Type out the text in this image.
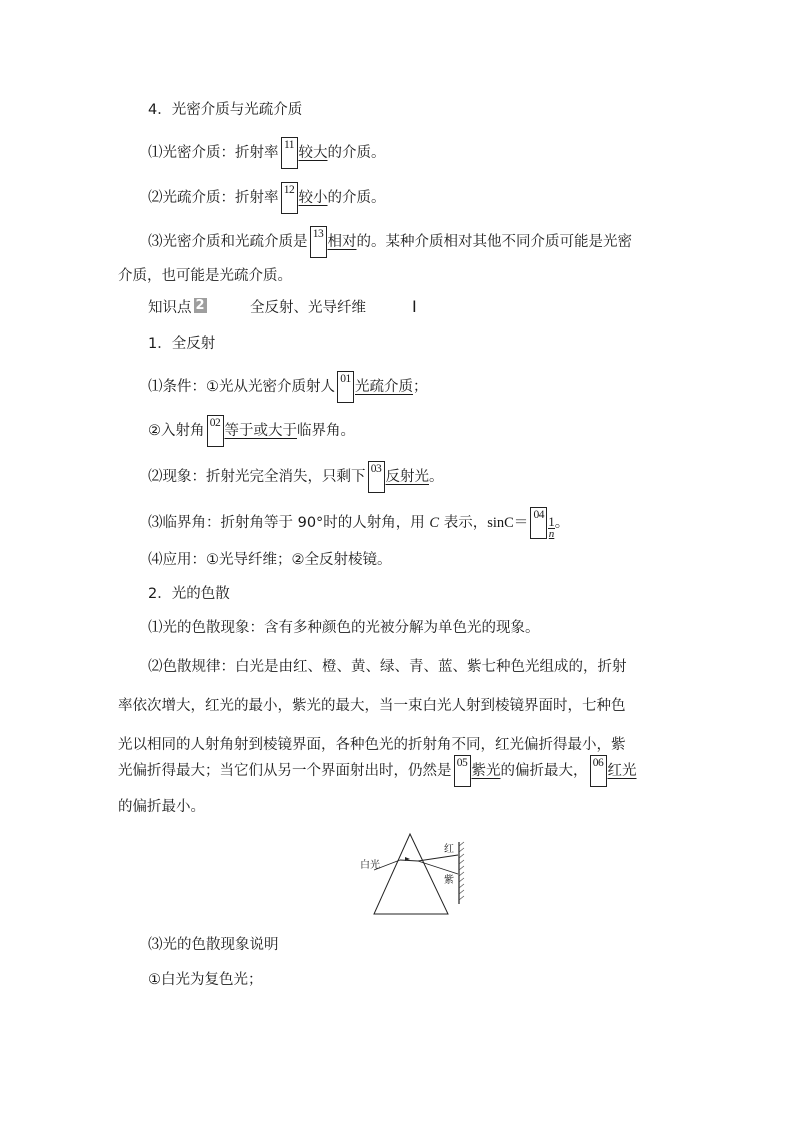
4．光密介质与光疏介质
⑴光密介质：折射率 11 较大的介质。
⑵光疏介质：折射率 12 较小的介质。
⑶光密介质和光疏介质是 13 相对的。某种介质相对其他不同介质可能是光密
介质，也可能是光疏介质。
知识点 2	全反射、光导纤维	Ⅰ
1．全反射
⑴条件：①光从光密介质射人 01 光疏介质；
②入射角 02 等于或大于临界角。
⑵现象：折射光完全消失，只剩下 03 反射光。
⑶临界角：折射角等于 90°时的人射角，用 C 表示，$\sin C= 04 \frac{1}{n}$ 。
⑷应用：①光导纤维；②全反射棱镜。
2．光的色散
⑴光的色散现象：含有多种颜色的光被分解为单色光的现象。
⑵色散规律：白光是由红、橙、黄、绿、青、蓝、紫七种色光组成的，折射
率依次增大，红光的最小，紫光的最大，当一束白光人射到棱镜界面时，七种色
光以相同的人射角射到棱镜界面，各种色光的折射角不同，红光偏折得最小，紫
光偏折得最大；当它们从另一个界面射出时，仍然是 05 紫光的偏折最大， 06 红光
的偏折最小。
白光
红
紫
⑶光的色散现象说明
①白光为复色光；
